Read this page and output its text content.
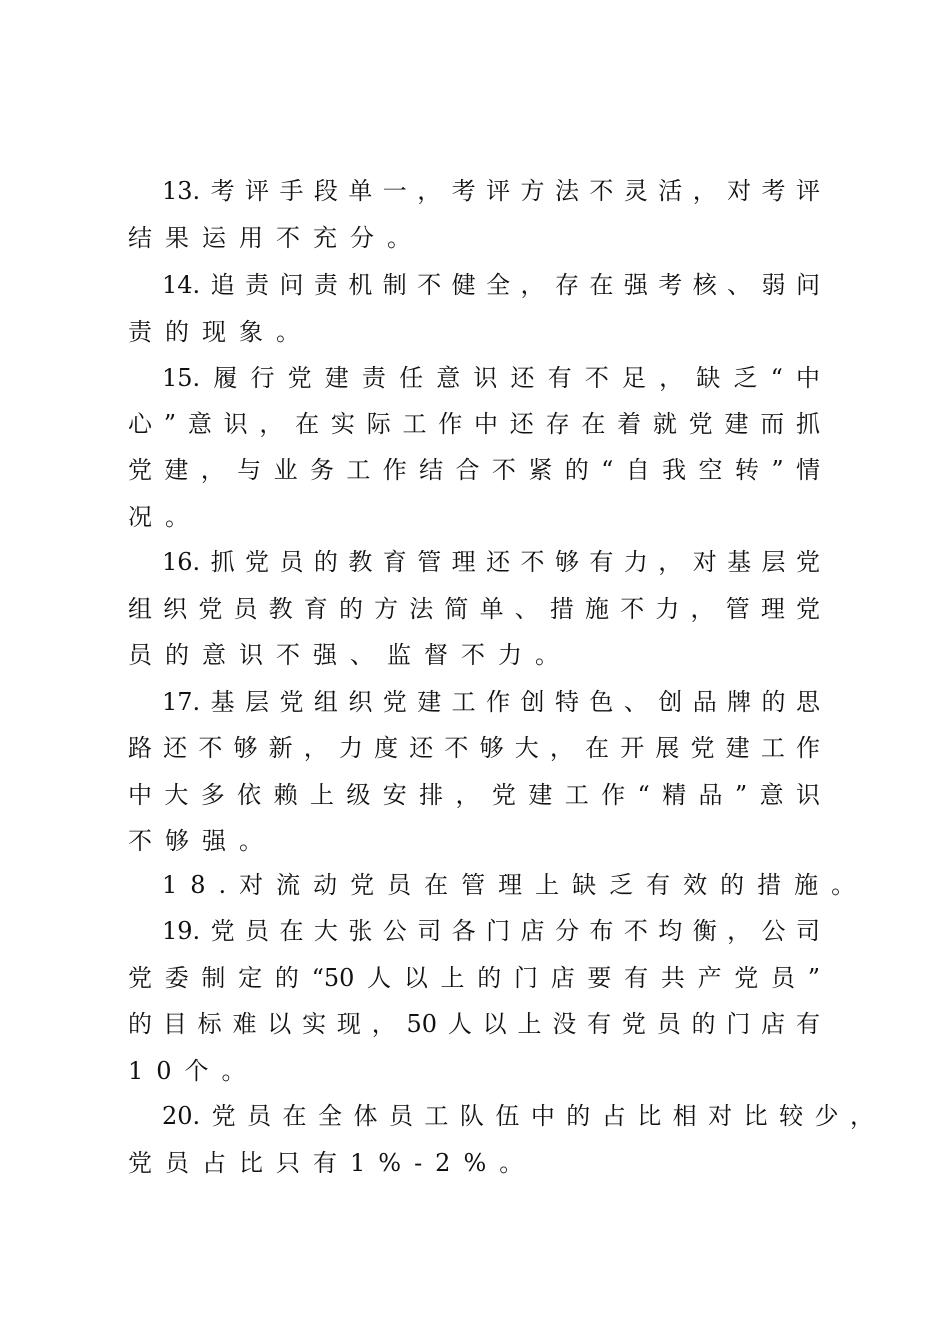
13.考评手段单一，考评方法不灵活，对考评
结果运用不充分。
14.追责问责机制不健全，存在强考核、弱问
责的现象。
15.履行党建责任意识还有不足，缺乏“中
心”意识，在实际工作中还存在着就党建而抓
党建，与业务工作结合不紧的“自我空转”情
况。
16.抓党员的教育管理还不够有力，对基层党
组织党员教育的方法简单、措施不力，管理党
员的意识不强、监督不力。
17.基层党组织党建工作创特色、创品牌的思
路还不够新，力度还不够大，在开展党建工作
中大多依赖上级安排，党建工作“精品”意识
不够强。
18.对流动党员在管理上缺乏有效的措施。
19.党员在大张公司各门店分布不均衡，公司
党委制定的“50人以上的门店要有共产党员”
的目标难以实现，50人以上没有党员的门店有
10个。
20.党员在全体员工队伍中的占比相对比较少，
党员占比只有1%-2%。
